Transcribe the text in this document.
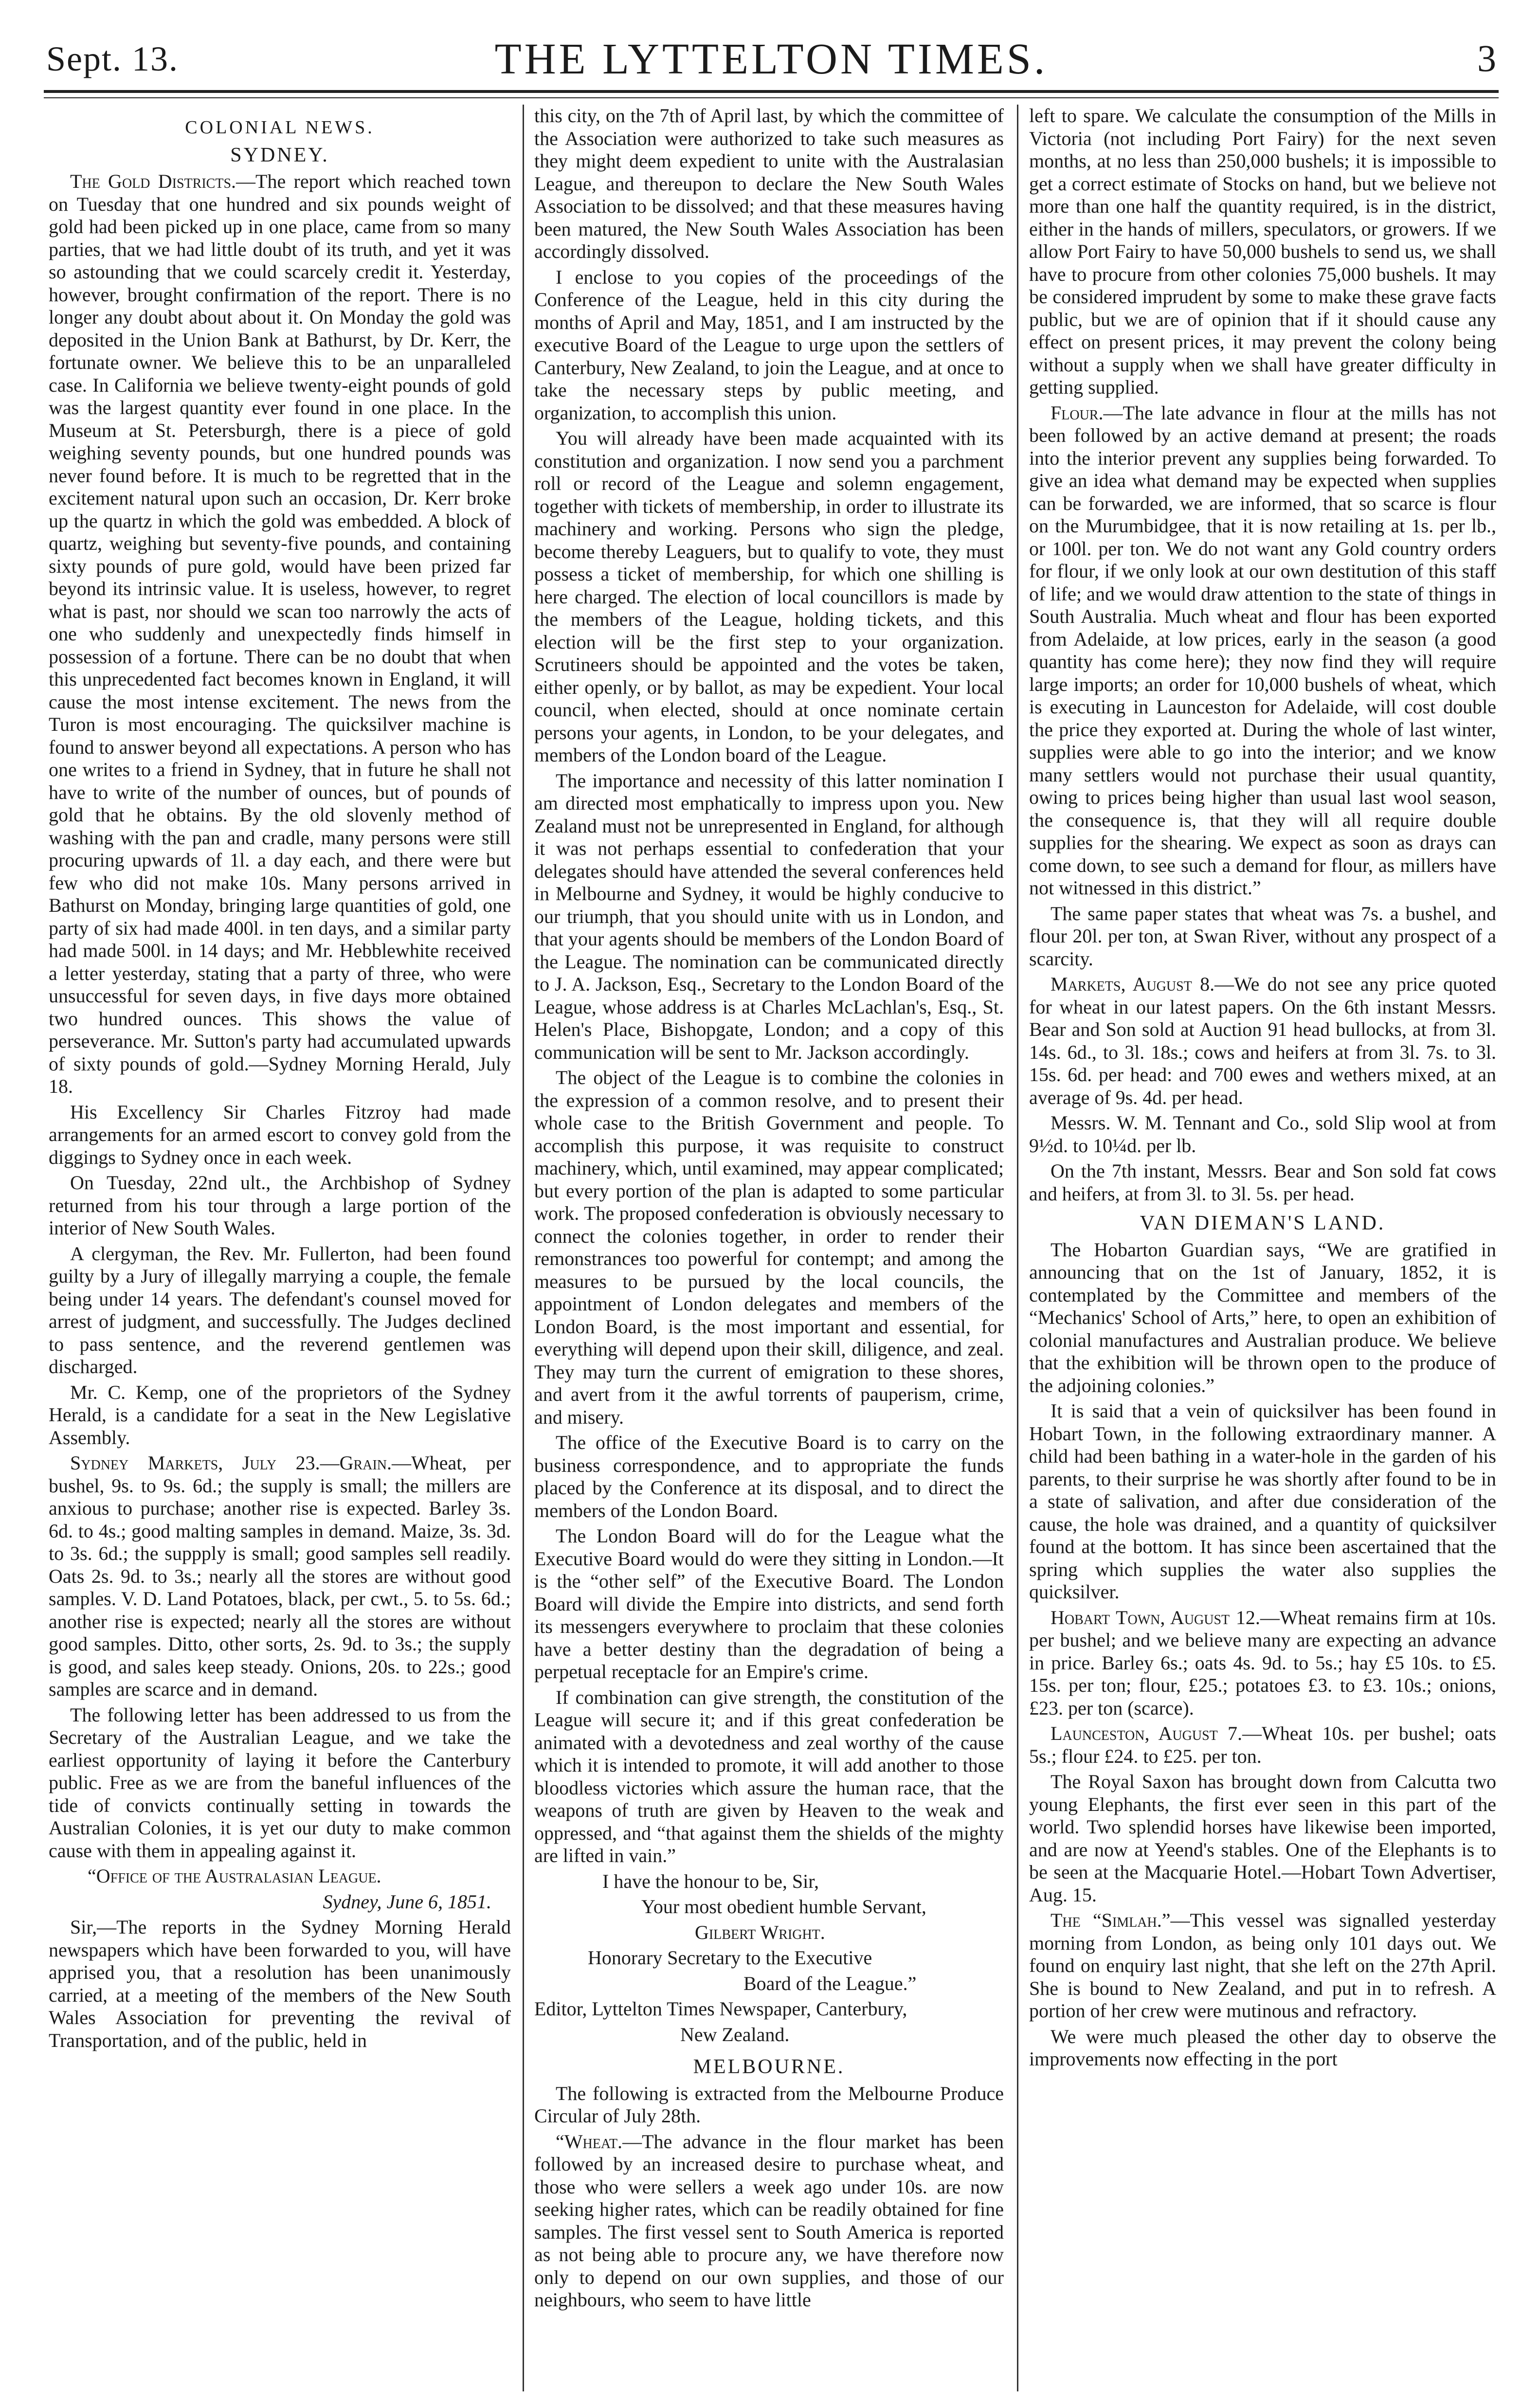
Sept. 13.	THE LYTTELTON TIMES.	3
COLONIAL NEWS.
SYDNEY.

The Gold Districts.—The report which reached town on Tuesday that one hundred and six pounds weight of gold had been picked up in one place, came from so many parties, that we had little doubt of its truth, and yet it was so astounding that we could scarcely credit it. Yesterday, however, brought confirmation of the report. There is no longer any doubt about about it. On Monday the gold was deposited in the Union Bank at Bathurst, by Dr. Kerr, the fortunate owner. We believe this to be an unparalleled case. In California we believe twenty-eight pounds of gold was the largest quantity ever found in one place. In the Museum at St. Petersburgh, there is a piece of gold weighing seventy pounds, but one hundred pounds was never found before. It is much to be regretted that in the excitement natural upon such an occasion, Dr. Kerr broke up the quartz in which the gold was embedded. A block of quartz, weighing but seventy-five pounds, and containing sixty pounds of pure gold, would have been prized far beyond its intrinsic value. It is useless, however, to regret what is past, nor should we scan too narrowly the acts of one who suddenly and unexpectedly finds himself in possession of a fortune. There can be no doubt that when this unprecedented fact becomes known in England, it will cause the most intense excitement. The news from the Turon is most encouraging. The quicksilver machine is found to answer beyond all expectations. A person who has one writes to a friend in Sydney, that in future he shall not have to write of the number of ounces, but of pounds of gold that he obtains. By the old slovenly method of washing with the pan and cradle, many persons were still procuring upwards of 1l. a day each, and there were but few who did not make 10s. Many persons arrived in Bathurst on Monday, bringing large quantities of gold, one party of six had made 400l. in ten days, and a similar party had made 500l. in 14 days; and Mr. Hebblewhite received a letter yesterday, stating that a party of three, who were unsuccessful for seven days, in five days more obtained two hundred ounces. This shows the value of perseverance. Mr. Sutton's party had accumulated upwards of sixty pounds of gold.—Sydney Morning Herald, July 18.

His Excellency Sir Charles Fitzroy had made arrangements for an armed escort to convey gold from the diggings to Sydney once in each week.

On Tuesday, 22nd ult., the Archbishop of Sydney returned from his tour through a large portion of the interior of New South Wales.

A clergyman, the Rev. Mr. Fullerton, had been found guilty by a Jury of illegally marrying a couple, the female being under 14 years. The defendant's counsel moved for arrest of judgment, and successfully. The Judges declined to pass sentence, and the reverend gentlemen was discharged.

Mr. C. Kemp, one of the proprietors of the Sydney Herald, is a candidate for a seat in the New Legislative Assembly.

Sydney Markets, July 23.—Grain.—Wheat, per bushel, 9s. to 9s. 6d.; the supply is small; the millers are anxious to purchase; another rise is expected. Barley 3s. 6d. to 4s.; good malting samples in demand. Maize, 3s. 3d. to 3s. 6d.; the suppply is small; good samples sell readily. Oats 2s. 9d. to 3s.; nearly all the stores are without good samples. V. D. Land Potatoes, black, per cwt., 5. to 5s. 6d.; another rise is expected; nearly all the stores are without good samples. Ditto, other sorts, 2s. 9d. to 3s.; the supply is good, and sales keep steady. Onions, 20s. to 22s.; good samples are scarce and in demand.

The following letter has been addressed to us from the Secretary of the Australian League, and we take the earliest opportunity of laying it before the Canterbury public. Free as we are from the baneful influences of the tide of convicts continually setting in towards the Australian Colonies, it is yet our duty to make common cause with them in appealing against it.

“Office of the Australasian League.

Sydney, June 6, 1851.

Sir,—The reports in the Sydney Morning Herald newspapers which have been forwarded to you, will have apprised you, that a resolution has been unanimously carried, at a meeting of the members of the New South Wales Association for preventing the revival of Transportation, and of the public, held in

this city, on the 7th of April last, by which the committee of the Association were authorized to take such measures as they might deem expedient to unite with the Australasian League, and thereupon to declare the New South Wales Association to be dissolved; and that these measures having been matured, the New South Wales Association has been accordingly dissolved.

I enclose to you copies of the proceedings of the Conference of the League, held in this city during the months of April and May, 1851, and I am instructed by the executive Board of the League to urge upon the settlers of Canterbury, New Zealand, to join the League, and at once to take the necessary steps by public meeting, and organization, to accomplish this union.

You will already have been made acquainted with its constitution and organization. I now send you a parchment roll or record of the League and solemn engagement, together with tickets of membership, in order to illustrate its machinery and working. Persons who sign the pledge, become thereby Leaguers, but to qualify to vote, they must possess a ticket of membership, for which one shilling is here charged. The election of local councillors is made by the members of the League, holding tickets, and this election will be the first step to your organization. Scrutineers should be appointed and the votes be taken, either openly, or by ballot, as may be expedient. Your local council, when elected, should at once nominate certain persons your agents, in London, to be your delegates, and members of the London board of the League.

The importance and necessity of this latter nomination I am directed most emphatically to impress upon you. New Zealand must not be unrepresented in England, for although it was not perhaps essential to confederation that your delegates should have attended the several conferences held in Melbourne and Sydney, it would be highly conducive to our triumph, that you should unite with us in London, and that your agents should be members of the London Board of the League. The nomination can be communicated directly to J. A. Jackson, Esq., Secretary to the London Board of the League, whose address is at Charles McLachlan's, Esq., St. Helen's Place, Bishopgate, London; and a copy of this communication will be sent to Mr. Jackson accordingly.

The object of the League is to combine the colonies in the expression of a common resolve, and to present their whole case to the British Government and people. To accomplish this purpose, it was requisite to construct machinery, which, until examined, may appear complicated; but every portion of the plan is adapted to some particular work. The proposed confederation is obviously necessary to connect the colonies together, in order to render their remonstrances too powerful for contempt; and among the measures to be pursued by the local councils, the appointment of London delegates and members of the London Board, is the most important and essential, for everything will depend upon their skill, diligence, and zeal. They may turn the current of emigration to these shores, and avert from it the awful torrents of pauperism, crime, and misery.

The office of the Executive Board is to carry on the business correspondence, and to appropriate the funds placed by the Conference at its disposal, and to direct the members of the London Board.

The London Board will do for the League what the Executive Board would do were they sitting in London.—It is the “other self” of the Executive Board. The London Board will divide the Empire into districts, and send forth its messengers everywhere to proclaim that these colonies have a better destiny than the degradation of being a perpetual receptacle for an Empire's crime.

If combination can give strength, the constitution of the League will secure it; and if this great confederation be animated with a devotedness and zeal worthy of the cause which it is intended to promote, it will add another to those bloodless victories which assure the human race, that the weapons of truth are given by Heaven to the weak and oppressed, and “that against them the shields of the mighty are lifted in vain.”

I have the honour to be, Sir,

Your most obedient humble Servant,

Gilbert Wright.

Honorary Secretary to the Executive

Board of the League.”

Editor, Lyttelton Times Newspaper, Canterbury,

New Zealand.

MELBOURNE.

The following is extracted from the Melbourne Produce Circular of July 28th.

“Wheat.—The advance in the flour market has been followed by an increased desire to purchase wheat, and those who were sellers a week ago under 10s. are now seeking higher rates, which can be readily obtained for fine samples. The first vessel sent to South America is reported as not being able to procure any, we have therefore now only to depend on our own supplies, and those of our neighbours, who seem to have little

left to spare. We calculate the consumption of the Mills in Victoria (not including Port Fairy) for the next seven months, at no less than 250,000 bushels; it is impossible to get a correct estimate of Stocks on hand, but we believe not more than one half the quantity required, is in the district, either in the hands of millers, speculators, or growers. If we allow Port Fairy to have 50,000 bushels to send us, we shall have to procure from other colonies 75,000 bushels. It may be considered imprudent by some to make these grave facts public, but we are of opinion that if it should cause any effect on present prices, it may prevent the colony being without a supply when we shall have greater difficulty in getting supplied.

Flour.—The late advance in flour at the mills has not been followed by an active demand at present; the roads into the interior prevent any supplies being forwarded. To give an idea what demand may be expected when supplies can be forwarded, we are informed, that so scarce is flour on the Murumbidgee, that it is now retailing at 1s. per lb., or 100l. per ton. We do not want any Gold country orders for flour, if we only look at our own destitution of this staff of life; and we would draw attention to the state of things in South Australia. Much wheat and flour has been exported from Adelaide, at low prices, early in the season (a good quantity has come here); they now find they will require large imports; an order for 10,000 bushels of wheat, which is executing in Launceston for Adelaide, will cost double the price they exported at. During the whole of last winter, supplies were able to go into the interior; and we know many settlers would not purchase their usual quantity, owing to prices being higher than usual last wool season, the consequence is, that they will all require double supplies for the shearing. We expect as soon as drays can come down, to see such a demand for flour, as millers have not witnessed in this district.”

The same paper states that wheat was 7s. a bushel, and flour 20l. per ton, at Swan River, without any prospect of a scarcity.

Markets, August 8.—We do not see any price quoted for wheat in our latest papers. On the 6th instant Messrs. Bear and Son sold at Auction 91 head bullocks, at from 3l. 14s. 6d., to 3l. 18s.; cows and heifers at from 3l. 7s. to 3l. 15s. 6d. per head: and 700 ewes and wethers mixed, at an average of 9s. 4d. per head.

Messrs. W. M. Tennant and Co., sold Slip wool at from 9½d. to 10¼d. per lb.

On the 7th instant, Messrs. Bear and Son sold fat cows and heifers, at from 3l. to 3l. 5s. per head.

VAN DIEMAN'S LAND.

The Hobarton Guardian says, “We are gratified in announcing that on the 1st of January, 1852, it is contemplated by the Committee and members of the “Mechanics' School of Arts,” here, to open an exhibition of colonial manufactures and Australian produce. We believe that the exhibition will be thrown open to the produce of the adjoining colonies.”

It is said that a vein of quicksilver has been found in Hobart Town, in the following extraordinary manner. A child had been bathing in a water-hole in the garden of his parents, to their surprise he was shortly after found to be in a state of salivation, and after due consideration of the cause, the hole was drained, and a quantity of quicksilver found at the bottom. It has since been ascertained that the spring which supplies the water also supplies the quicksilver.

Hobart Town, August 12.—Wheat remains firm at 10s. per bushel; and we believe many are expecting an advance in price. Barley 6s.; oats 4s. 9d. to 5s.; hay £5 10s. to £5. 15s. per ton; flour, £25.; potatoes £3. to £3. 10s.; onions, £23. per ton (scarce).

Launceston, August 7.—Wheat 10s. per bushel; oats 5s.; flour £24. to £25. per ton.

The Royal Saxon has brought down from Calcutta two young Elephants, the first ever seen in this part of the world. Two splendid horses have likewise been imported, and are now at Yeend's stables. One of the Elephants is to be seen at the Macquarie Hotel.—Hobart Town Advertiser, Aug. 15.

The “Simlah.”—This vessel was signalled yesterday morning from London, as being only 101 days out. We found on enquiry last night, that she left on the 27th April. She is bound to New Zealand, and put in to refresh. A portion of her crew were mutinous and refractory.

We were much pleased the other day to observe the improvements now effecting in the port
